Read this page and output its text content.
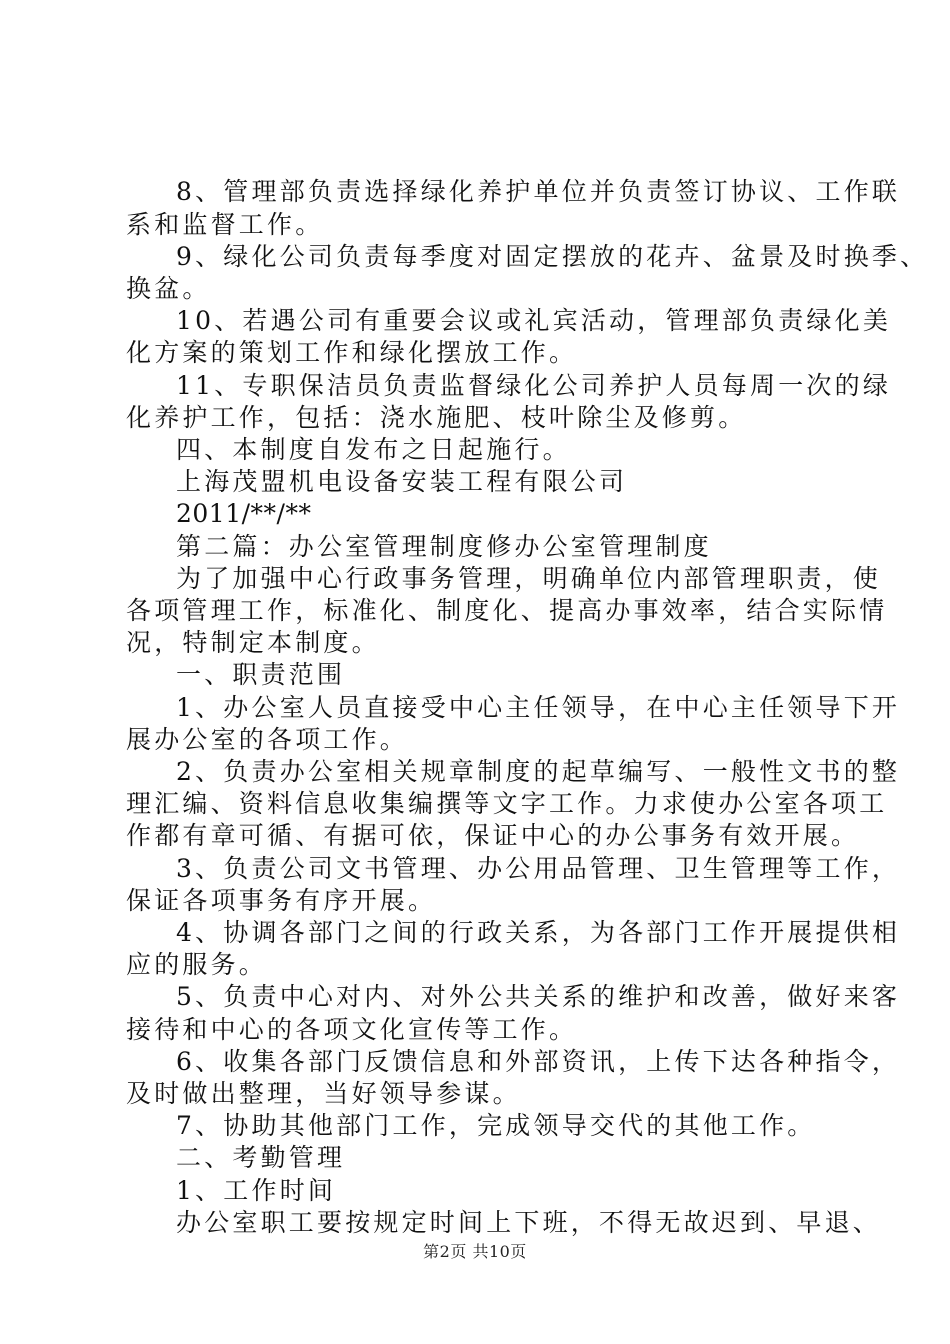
8、管理部负责选择绿化养护单位并负责签订协议、工作联
系和监督工作。
9、绿化公司负责每季度对固定摆放的花卉、盆景及时换季、
换盆。
10、若遇公司有重要会议或礼宾活动，管理部负责绿化美
化方案的策划工作和绿化摆放工作。
11、专职保洁员负责监督绿化公司养护人员每周一次的绿
化养护工作，包括：浇水施肥、枝叶除尘及修剪。
四、本制度自发布之日起施行。
上海茂盟机电设备安装工程有限公司
2011/**/**
第二篇：办公室管理制度修办公室管理制度
为了加强中心行政事务管理，明确单位内部管理职责，使
各项管理工作，标准化、制度化、提高办事效率，结合实际情
况，特制定本制度。
一、职责范围
1、办公室人员直接受中心主任领导，在中心主任领导下开
展办公室的各项工作。
2、负责办公室相关规章制度的起草编写、一般性文书的整
理汇编、资料信息收集编撰等文字工作。力求使办公室各项工
作都有章可循、有据可依，保证中心的办公事务有效开展。
3、负责公司文书管理、办公用品管理、卫生管理等工作，
保证各项事务有序开展。
4、协调各部门之间的行政关系，为各部门工作开展提供相
应的服务。
5、负责中心对内、对外公共关系的维护和改善，做好来客
接待和中心的各项文化宣传等工作。
6、收集各部门反馈信息和外部资讯，上传下达各种指令，
及时做出整理，当好领导参谋。
7、协助其他部门工作，完成领导交代的其他工作。
二、考勤管理
1、工作时间
办公室职工要按规定时间上下班，不得无故迟到、早退、
第2页 共10页
